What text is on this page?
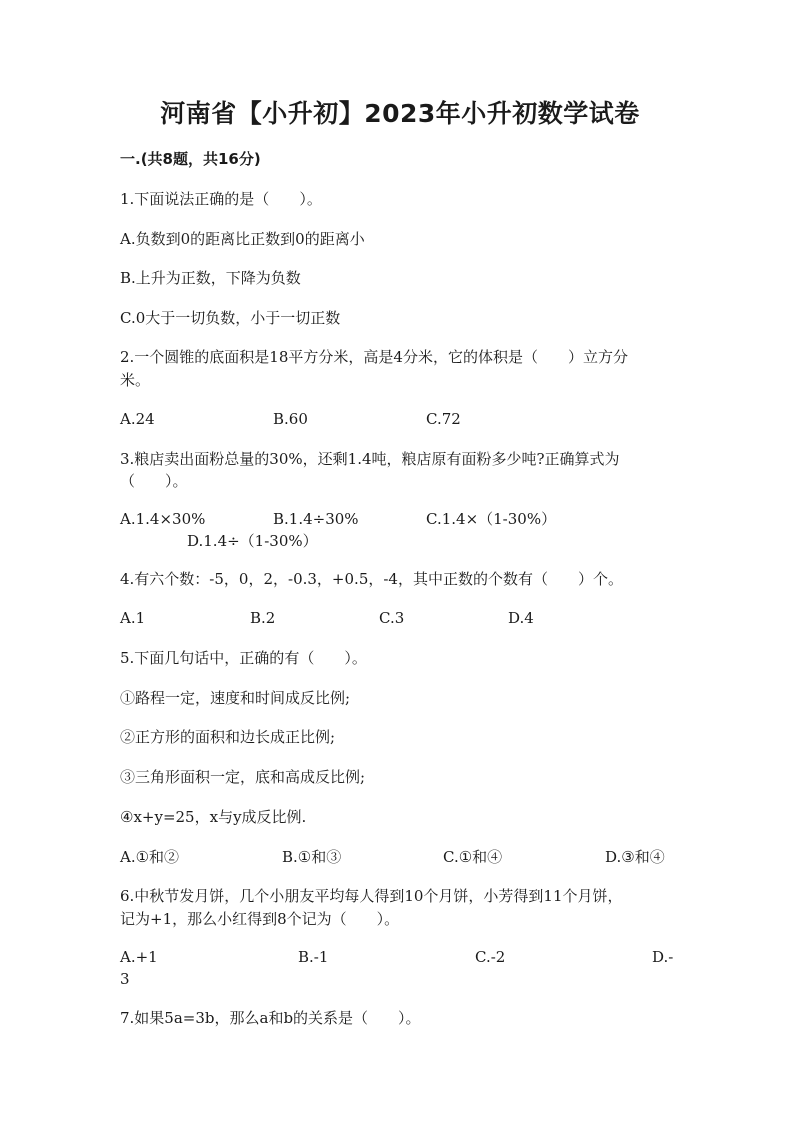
河南省【小升初】2023年小升初数学试卷
一.(共8题，共16分)
1.下面说法正确的是（　　）。
A.负数到0的距离比正数到0的距离小
B.上升为正数，下降为负数
C.0大于一切负数，小于一切正数
2.一个圆锥的底面积是18平方分米，高是4分米，它的体积是（　　）立方分
米。
A.24	B.60	C.72
3.粮店卖出面粉总量的30%，还剩1.4吨，粮店原有面粉多少吨?正确算式为
（　　）。
A.1.4×30%	B.1.4÷30%	C.1.4×（1-30%）
D.1.4÷（1-30%）
4.有六个数：-5，0，2，-0.3，+0.5，-4，其中正数的个数有（　　）个。
A.1	B.2	C.3	D.4
5.下面几句话中，正确的有（　　）。
①路程一定，速度和时间成反比例;
②正方形的面积和边长成正比例;
③三角形面积一定，底和高成反比例;
④x+y=25，x与y成反比例.
A.①和②	B.①和③	C.①和④	D.③和④
6.中秋节发月饼，几个小朋友平均每人得到10个月饼，小芳得到11个月饼，
记为+1，那么小红得到8个记为（　　）。
A.+1	B.-1	C.-2	D.-
3
7.如果5a=3b，那么a和b的关系是（　　）。
